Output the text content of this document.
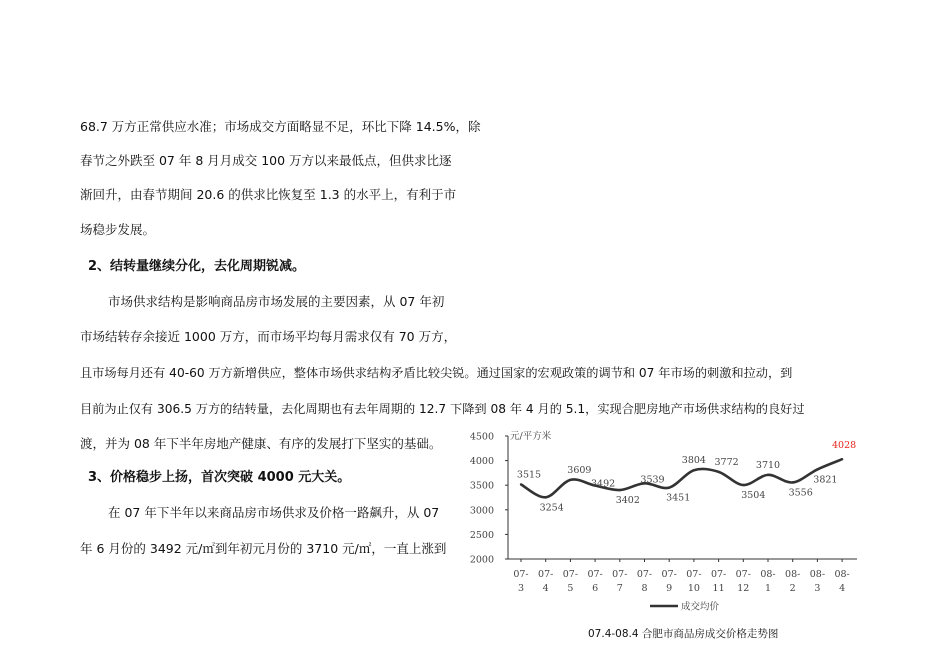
68.7 万方正常供应水准；市场成交方面略显不足，环比下降 14.5%，除

春节之外跌至 07 年 8 月月成交 100 万方以来最低点，但供求比逐

渐回升，由春节期间 20.6 的供求比恢复至 1.3 的水平上，有利于市

场稳步发展。

2、结转量继续分化，去化周期锐减。

市场供求结构是影响商品房市场发展的主要因素，从 07 年初

市场结转存余接近 1000 万方，而市场平均每月需求仅有 70 万方，

且市场每月还有 40-60 万方新增供应，整体市场供求结构矛盾比较尖锐。通过国家的宏观政策的调节和 07 年市场的刺激和拉动，到

目前为止仅有 306.5 万方的结转量，去化周期也有去年周期的 12.7 下降到 08 年 4 月的 5.1，实现合肥房地产市场供求结构的良好过

渡，并为 08 年下半年房地产健康、有序的发展打下坚实的基础。

3、价格稳步上扬，首次突破 4000 元大关。

在 07 年下半年以来商品房市场供求及价格一路飙升，从 07

年 6 月份的 3492 元/㎡到年初元月份的 3710 元/㎡，一直上涨到

2000
2500
3000
3500
4000
4500 元/平方米
07-
3
07-
4
07-
5
07-
6
07-
7
07-
8
07-
9
07-
10
07-
11
07-
12
08-
1
08-
2
08-
3
08-
4
3515
3254
3609
3492
3402
3539
3451
3804 3772
3504
3710
3556
3821
4028
成交均价
07.4-08.4 合肥市商品房成交价格走势图
